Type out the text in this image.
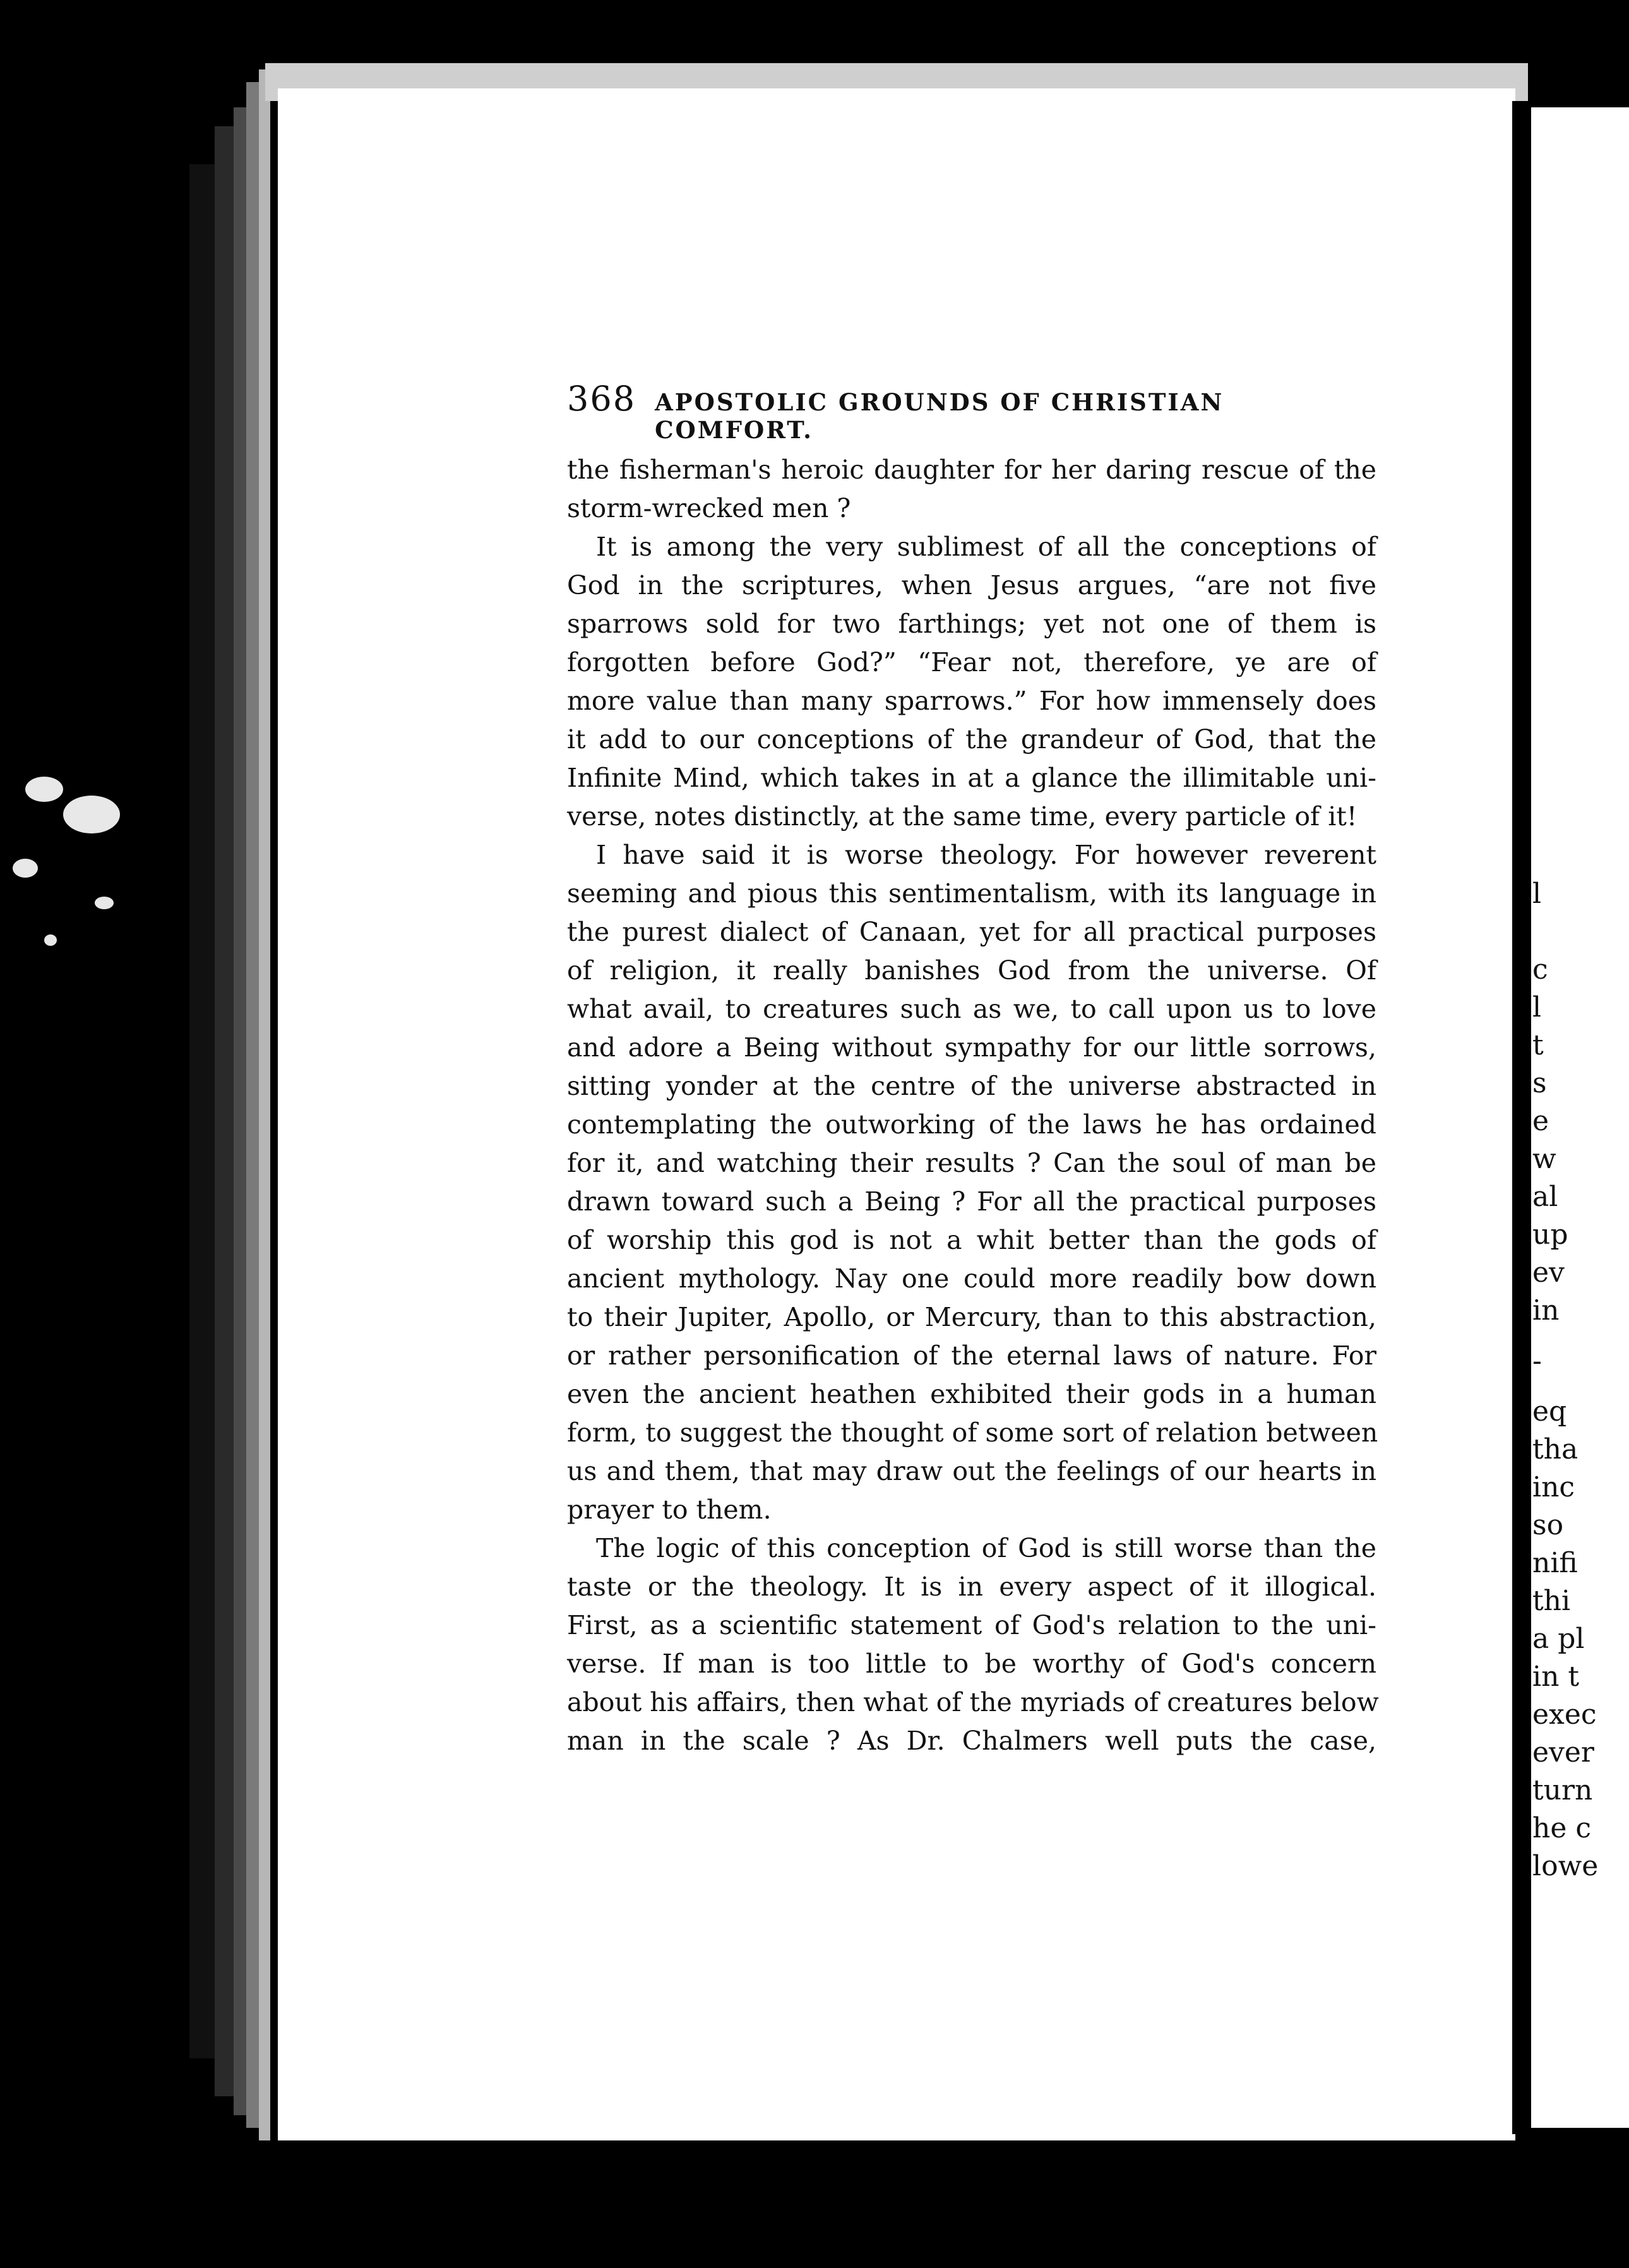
368 APOSTOLIC GROUNDS OF CHRISTIAN COMFORT.
the fisherman's heroic daughter for her daring rescue of the
storm-wrecked men ?
It is among the very sublimest of all the conceptions of
God in the scriptures, when Jesus argues, “are not five
sparrows sold for two farthings; yet not one of them is
forgotten before God?” “Fear not, therefore, ye are of
more value than many sparrows.” For how immensely does
it add to our conceptions of the grandeur of God, that the
Infinite Mind, which takes in at a glance the illimitable uni-
verse, notes distinctly, at the same time, every particle of it!
I have said it is worse theology. For however reverent
seeming and pious this sentimentalism, with its language in
the purest dialect of Canaan, yet for all practical purposes
of religion, it really banishes God from the universe. Of
what avail, to creatures such as we, to call upon us to love
and adore a Being without sympathy for our little sorrows,
sitting yonder at the centre of the universe abstracted in
contemplating the outworking of the laws he has ordained
for it, and watching their results ? Can the soul of man be
drawn toward such a Being ? For all the practical purposes
of worship this god is not a whit better than the gods of
ancient mythology. Nay one could more readily bow down
to their Jupiter, Apollo, or Mercury, than to this abstraction,
or rather personification of the eternal laws of nature. For
even the ancient heathen exhibited their gods in a human
form, to suggest the thought of some sort of relation between
us and them, that may draw out the feelings of our hearts in
prayer to them.
The logic of this conception of God is still worse than the
taste or the theology. It is in every aspect of it illogical.
First, as a scientific statement of God's relation to the uni-
verse. If man is too little to be worthy of God's concern
about his affairs, then what of the myriads of creatures below
man in the scale ? As Dr. Chalmers well puts the case,
l
c
l
t
s
e
w
al
up
ev
in
-
eq
tha
inc
so
nifi
thi
a pl
in t
exec
ever
turn
he c
lowe
